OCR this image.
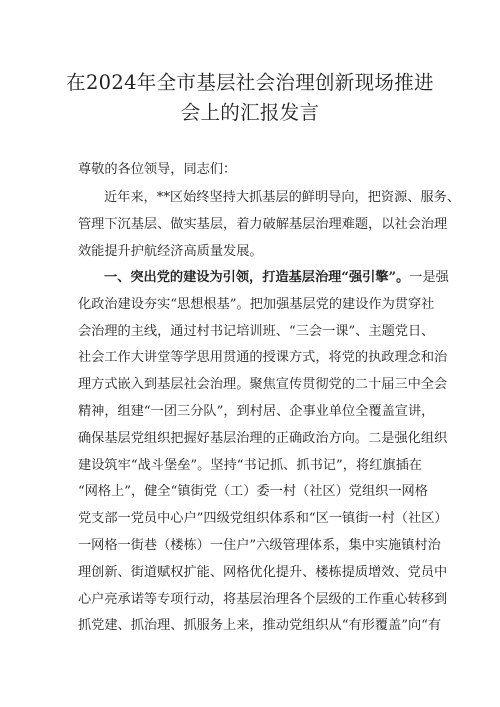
在2024年全市基层社会治理创新现场推进
会上的汇报发言
尊敬的各位领导，同志们：
近年来，**区始终坚持大抓基层的鲜明导向，把资源、服务、
管理下沉基层、做实基层，着力破解基层治理难题，以社会治理
效能提升护航经济高质量发展。
一、突出党的建设为引领，打造基层治理“强引擎”。一是强
化政治建设夯实“思想根基”。把加强基层党的建设作为贯穿社
会治理的主线，通过村书记培训班、“三会一课”、主题党日、
社会工作大讲堂等学思用贯通的授课方式，将党的执政理念和治
理方式嵌入到基层社会治理。聚焦宣传贯彻党的二十届三中全会
精神，组建“一团三分队”，到村居、企事业单位全覆盖宣讲，
确保基层党组织把握好基层治理的正确政治方向。二是强化组织
建设筑牢“战斗堡垒”。坚持“书记抓、抓书记”，将红旗插在
“网格上”，健全“镇街党（工）委一村（社区）党组织一网格
党支部一党员中心户”四级党组织体系和“区一镇街一村（社区）
一网格一街巷（楼栋）一住户”六级管理体系，集中实施镇村治
理创新、街道赋权扩能、网格优化提升、楼栋提质增效、党员中
心户亮承诺等专项行动，将基层治理各个层级的工作重心转移到
抓党建、抓治理、抓服务上来，推动党组织从“有形覆盖”向“有
